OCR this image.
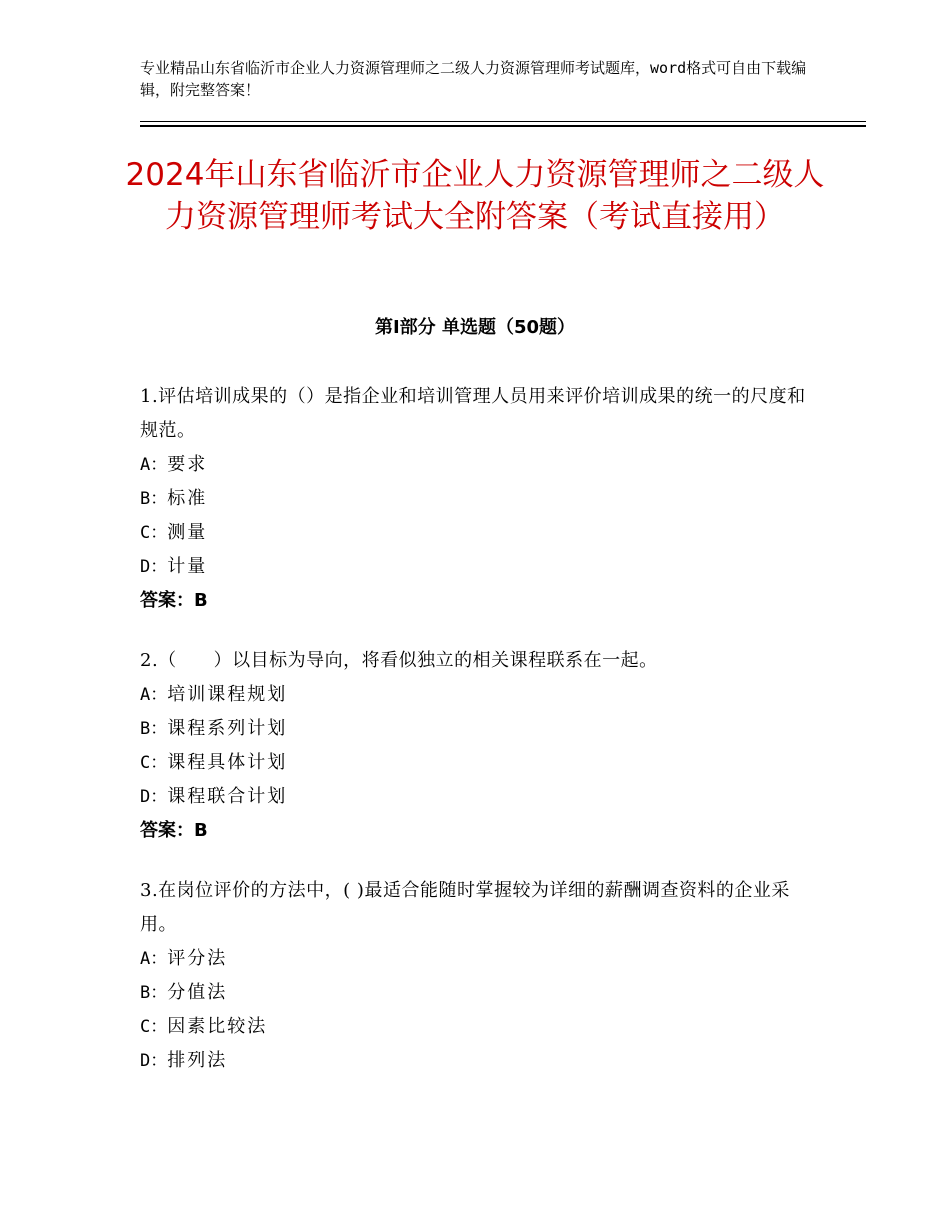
专业精品山东省临沂市企业人力资源管理师之二级人力资源管理师考试题库，word格式可自由下载编辑，附完整答案！
2024年山东省临沂市企业人力资源管理师之二级人力资源管理师考试大全附答案（考试直接用）
第Ⅰ部分 单选题（50题）

1.评估培训成果的（）是指企业和培训管理人员用来评价培训成果的统一的尺度和规范。

A：要求

B：标准

C：测量

D：计量

答案：B

2.（　　）以目标为导向，将看似独立的相关课程联系在一起。

A：培训课程规划

B：课程系列计划

C：课程具体计划

D：课程联合计划

答案：B

3.在岗位评价的方法中，( )最适合能随时掌握较为详细的薪酬调查资料的企业采用。

A：评分法

B：分值法

C：因素比较法

D：排列法
